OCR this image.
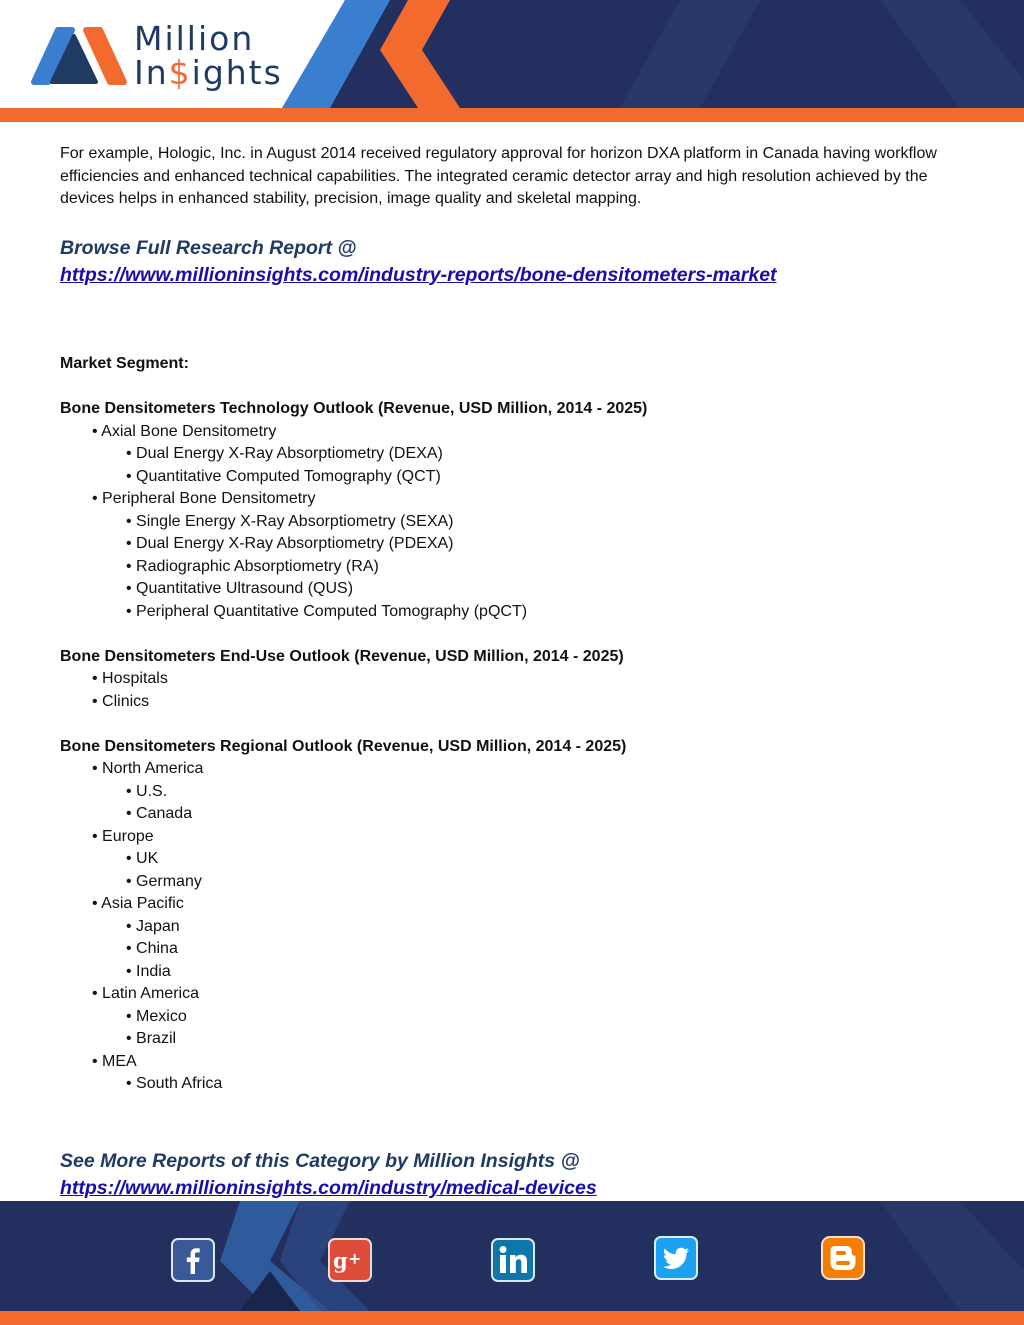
Million
In$ights

For example, Hologic, Inc. in August 2014 received regulatory approval for horizon DXA platform in Canada having workflow efficiencies and enhanced technical capabilities. The integrated ceramic detector array and high resolution achieved by the devices helps in enhanced stability, precision, image quality and skeletal mapping.

Browse Full Research Report @
https://www.millioninsights.com/industry-reports/bone-densitometers-market

Market Segment:

Bone Densitometers Technology Outlook (Revenue, USD Million, 2014 - 2025)

• Axial Bone Densitometry
• Dual Energy X-Ray Absorptiometry (DEXA)
• Quantitative Computed Tomography (QCT)
• Peripheral Bone Densitometry
• Single Energy X-Ray Absorptiometry (SEXA)
• Dual Energy X-Ray Absorptiometry (PDEXA)
• Radiographic Absorptiometry (RA)
• Quantitative Ultrasound (QUS)
• Peripheral Quantitative Computed Tomography (pQCT)

Bone Densitometers End-Use Outlook (Revenue, USD Million, 2014 - 2025)

• Hospitals
• Clinics

Bone Densitometers Regional Outlook (Revenue, USD Million, 2014 - 2025)

• North America
• U.S.
• Canada
• Europe
• UK
• Germany
• Asia Pacific
• Japan
• China
• India
• Latin America
• Mexico
• Brazil
• MEA
• South Africa
See More Reports of this Category by Million Insights @
https://www.millioninsights.com/industry/medical-devices
g +
